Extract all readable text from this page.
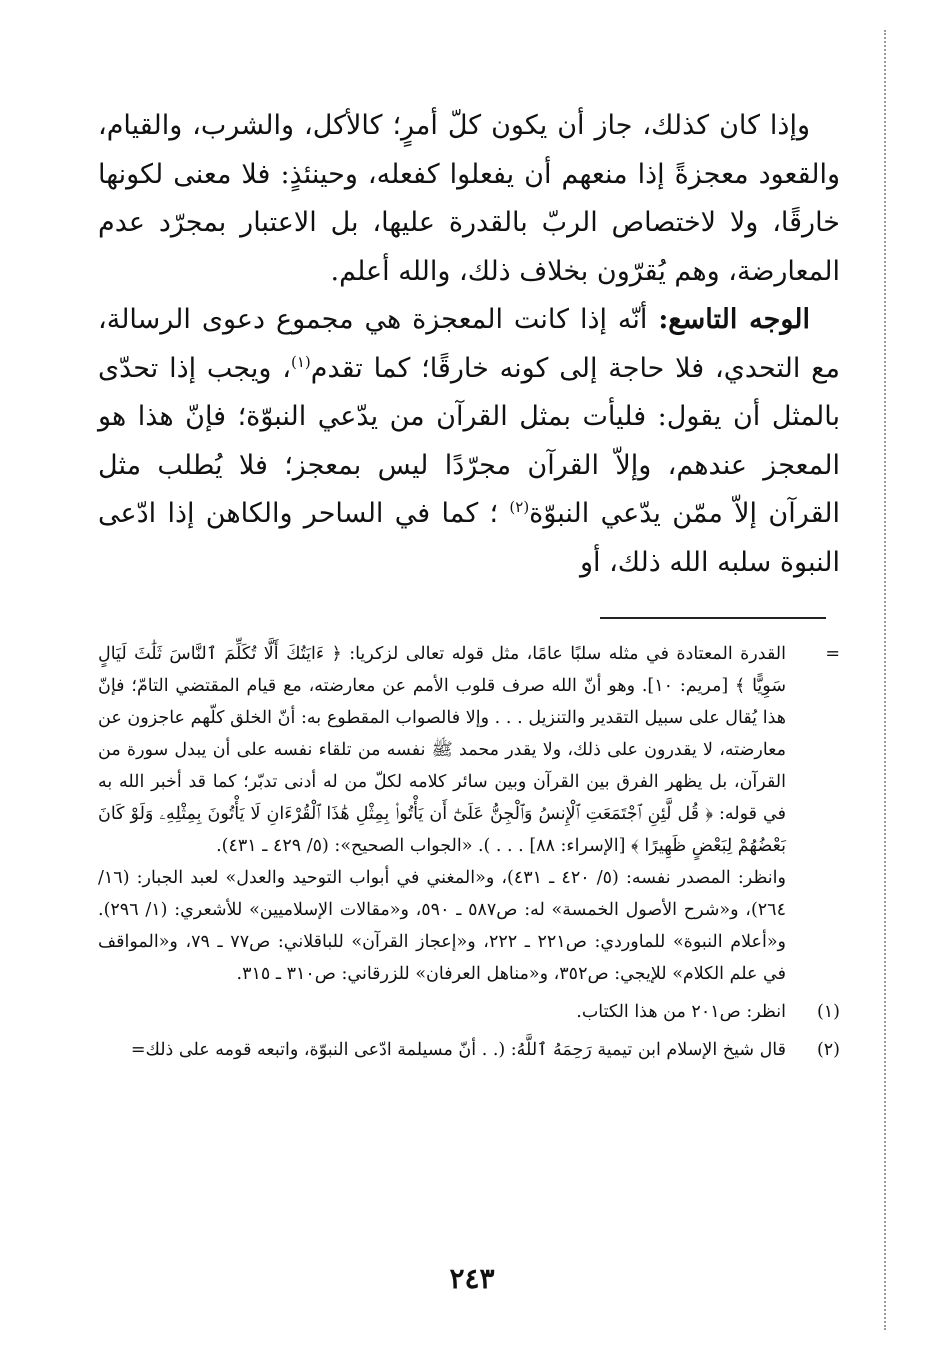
وإذا كان كذلك، جاز أن يكون كلّ أمرٍ؛ كالأكل، والشرب، والقيام، والقعود معجزةً إذا منعهم أن يفعلوا كفعله، وحينئذٍ: فلا معنى لكونها خارقًا، ولا لاختصاص الربّ بالقدرة عليها، بل الاعتبار بمجرّد عدم المعارضة، وهم يُقرّون بخلاف ذلك، والله أعلم.

الوجه التاسع: أنّه إذا كانت المعجزة هي مجموع دعوى الرسالة، مع التحدي، فلا حاجة إلى كونه خارقًا؛ كما تقدم$^{(١)}$، ويجب إذا تحدّى بالمثل أن يقول: فليأت بمثل القرآن من يدّعي النبوّة؛ فإنّ هذا هو المعجز عندهم، وإلاّ القرآن مجرّدًا ليس بمعجز؛ فلا يُطلب مثل القرآن إلاّ ممّن يدّعي النبوّة$^{(٢)}$ ؛ كما في الساحر والكاهن إذا ادّعى النبوة سلبه الله ذلك، أو

=

القدرة المعتادة في مثله سلبًا عامًا، مثل قوله تعالى لزكريا: ﴿ ءَايَتُكَ أَلَّا تُكَلِّمَ ٱلنَّاسَ ثَلَٰثَ لَيَالٍ سَوِيًّا ﴾ [مريم: ١٠]. وهو أنّ الله صرف قلوب الأمم عن معارضته، مع قيام المقتضي التامّ؛ فإنّ هذا يُقال على سبيل التقدير والتنزيل . . . وإلا فالصواب المقطوع به: أنّ الخلق كلّهم عاجزون عن معارضته، لا يقدرون على ذلك، ولا يقدر محمد ﷺ نفسه من تلقاء نفسه على أن يبدل سورة من القرآن، بل يظهر الفرق بين القرآن وبين سائر كلامه لكلّ من له أدنى تدبّر؛ كما قد أخبر الله به في قوله: ﴿ قُل لَّئِنِ ٱجْتَمَعَتِ ٱلْإِنسُ وَٱلْجِنُّ عَلَىٰٓ أَن يَأْتُوا۟ بِمِثْلِ هَٰذَا ٱلْقُرْءَانِ لَا يَأْتُونَ بِمِثْلِهِۦ وَلَوْ كَانَ بَعْضُهُمْ لِبَعْضٍ ظَهِيرًا ﴾ [الإسراء: ٨٨] . . . ). «الجواب الصحيح»: (٥/ ٤٢٩ ـ ٤٣١).

وانظر: المصدر نفسه: (٥/ ٤٢٠ ـ ٤٣١)، و«المغني في أبواب التوحيد والعدل» لعبد الجبار: (١٦/ ٢٦٤)، و«شرح الأصول الخمسة» له: ص٥٨٧ ـ ٥٩٠، و«مقالات الإسلاميين» للأشعري: (١/ ٢٩٦). و«أعلام النبوة» للماوردي: ص٢٢١ ـ ٢٢٢، و«إعجاز القرآن» للباقلاني: ص٧٧ ـ ٧٩، و«المواقف في علم الكلام» للإيجي: ص٣٥٢، و«مناهل العرفان» للزرقاني: ص٣١٠ ـ ٣١٥.

(١)
انظر: ص٢٠١ من هذا الكتاب.
(٢)
قال شيخ الإسلام ابن تيمية رَحِمَهُ ٱللَّهُ: (. . أنّ مسيلمة ادّعى النبوّة، واتبعه قومه على ذلك=
٢٤٣
